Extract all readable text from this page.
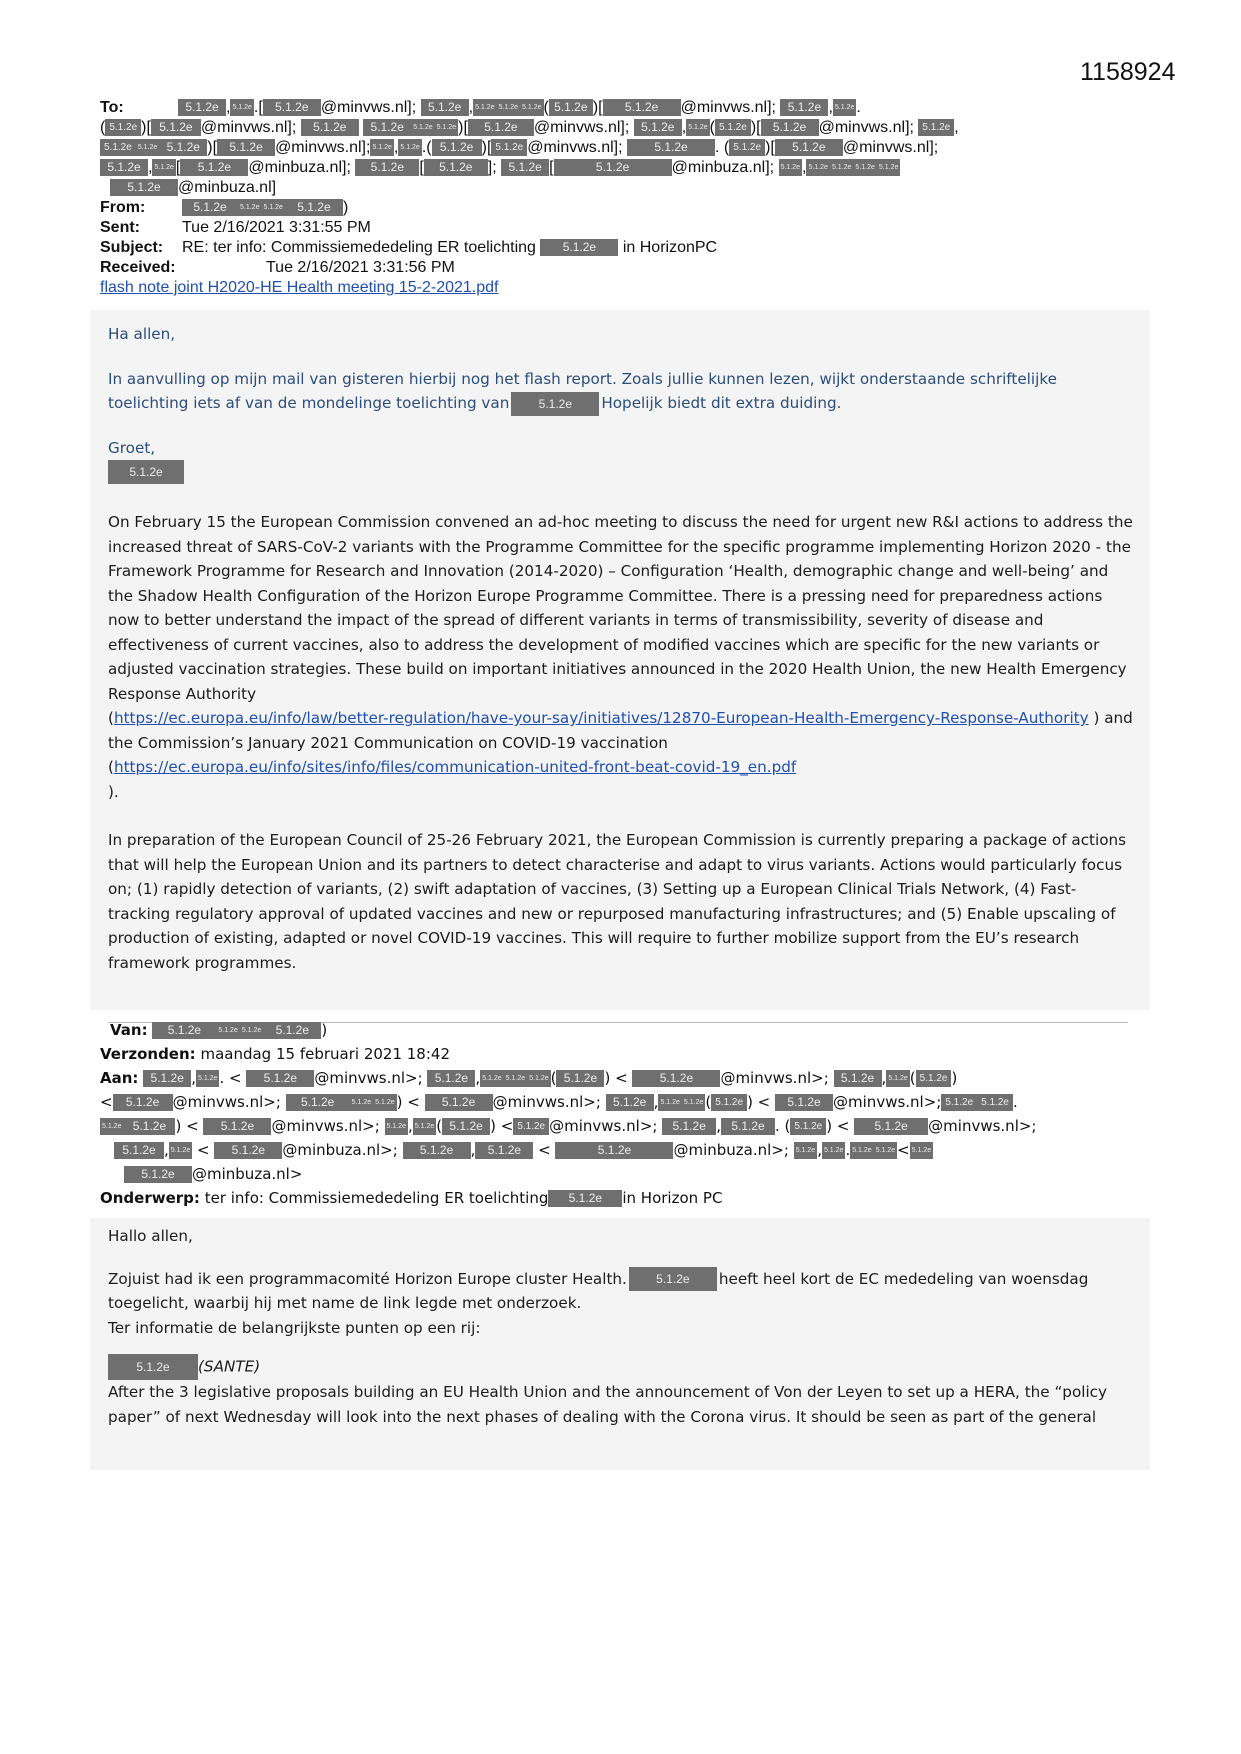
1158924
To:	5.1.2e , 5.1.2e .[ 5.1.2e @minvws.nl]; 5.1.2e , 5.1.2e 5.1.2e 5.1.2e ( 5.1.2e )[ 5.1.2e @minvws.nl]; 5.1.2e , 5.1.2e .
( 5.1.2e )[ 5.1.2e @minvws.nl]; 5.1.2e 5.1.2e 5.1.2e 5.1.2e )[ 5.1.2e @minvws.nl]; 5.1.2e , 5.1.2e ( 5.1.2e )[ 5.1.2e @minvws.nl]; 5.1.2e ,
5.1.2e 5.1.2e 5.1.2e )[ 5.1.2e @minvws.nl]; 5.1.2e , 5.1.2e .( 5.1.2e )[ 5.1.2e @minvws.nl];	5.1.2e . ( 5.1.2e )[ 5.1.2e @minvws.nl];
5.1.2e , 5.1.2e [ 5.1.2e @minbuza.nl]; 5.1.2e [ 5.1.2e ]; 5.1.2e [	5.1.2e	@minbuza.nl]; 5.1.2e , 5.1.2e 5.1.2e 5.1.2e 5.1.2e
5.1.2e @minbuza.nl]
From:	5.1.2e 5.1.2e 5.1.2e 5.1.2e )
Sent:	Tue 2/16/2021 3:31:55 PM
Subject: RE: ter info: Commissiemededeling ER toelichting 5.1.2e in HorizonPC
Received:	Tue 2/16/2021 3:31:56 PM
flash note joint H2020-HE Health meeting 15-2-2021.pdf
Ha allen,
In aanvulling op mijn mail van gisteren hierbij nog het flash report. Zoals jullie kunnen lezen, wijkt onderstaande schriftelijke toelichting iets af van de mondelinge toelichting van 5.1.2e Hopelijk biedt dit extra duiding.
Groet,
5.1.2e
On February 15 the European Commission convened an ad-hoc meeting to discuss the need for urgent new R&I actions to address the increased threat of SARS-CoV-2 variants with the Programme Committee for the specific programme implementing Horizon 2020 - the Framework Programme for Research and Innovation (2014-2020) – Configuration ‘Health, demographic change and well-being’ and the Shadow Health Configuration of the Horizon Europe Programme Committee. There is a pressing need for preparedness actions now to better understand the impact of the spread of different variants in terms of transmissibility, severity of disease and effectiveness of current vaccines, also to address the development of modified vaccines which are specific for the new variants or adjusted vaccination strategies. These build on important initiatives announced in the 2020 Health Union, the new Health Emergency Response Authority
(https://ec.europa.eu/info/law/better-regulation/have-your-say/initiatives/12870-European-Health-Emergency-Response-Authority ) and the Commission’s January 2021 Communication on COVID-19 vaccination
(https://ec.europa.eu/info/sites/info/files/communication-united-front-beat-covid-19_en.pdf
).
In preparation of the European Council of 25-26 February 2021, the European Commission is currently preparing a package of actions that will help the European Union and its partners to detect characterise and adapt to virus variants. Actions would particularly focus on; (1) rapidly detection of variants, (2) swift adaptation of vaccines, (3) Setting up a European Clinical Trials Network, (4) Fast-tracking regulatory approval of updated vaccines and new or repurposed manufacturing infrastructures; and (5) Enable upscaling of production of existing, adapted or novel COVID-19 vaccines. This will require to further mobilize support from the EU’s research framework programmes.
Van: 5.1.2e 5.1.2e 5.1.2e 5.1.2e )
Verzonden: maandag 15 februari 2021 18:42
Aan: 5.1.2e , 5.1.2e . < 5.1.2e @minvws.nl>; 5.1.2e , 5.1.2e 5.1.2e 5.1.2e ( 5.1.2e ) < 5.1.2e @minvws.nl>; 5.1.2e , 5.1.2e ( 5.1.2e )
< 5.1.2e @minvws.nl>; 5.1.2e 5.1.2e 5.1.2e ) < 5.1.2e @minvws.nl>; 5.1.2e , 5.1.2e 5.1.2e ( 5.1.2e ) < 5.1.2e @minvws.nl>; 5.1.2e 5.1.2e .
5.1.2e 5.1.2e ) < 5.1.2e @minvws.nl>; 5.1.2e , 5.1.2e ( 5.1.2e ) < 5.1.2e @minvws.nl>; 5.1.2e , 5.1.2e . ( 5.1.2e ) < 5.1.2e @minvws.nl>;
5.1.2e , 5.1.2e < 5.1.2e @minbuza.nl>; 5.1.2e , 5.1.2e <	5.1.2e	@minbuza.nl>; 5.1.2e , 5.1.2e . 5.1.2e 5.1.2e < 5.1.2e
5.1.2e @minbuza.nl>
Onderwerp: ter info: Commissiemededeling ER toelichting 5.1.2e in Horizon PC
Hallo allen,
Zojuist had ik een programmacomité Horizon Europe cluster Health. 5.1.2e heeft heel kort de EC mededeling van woensdag toegelicht, waarbij hij met name de link legde met onderzoek.
Ter informatie de belangrijkste punten op een rij:
5.1.2e (SANTE)
After the 3 legislative proposals building an EU Health Union and the announcement of Von der Leyen to set up a HERA, the “policy paper” of next Wednesday will look into the next phases of dealing with the Corona virus. It should be seen as part of the general
